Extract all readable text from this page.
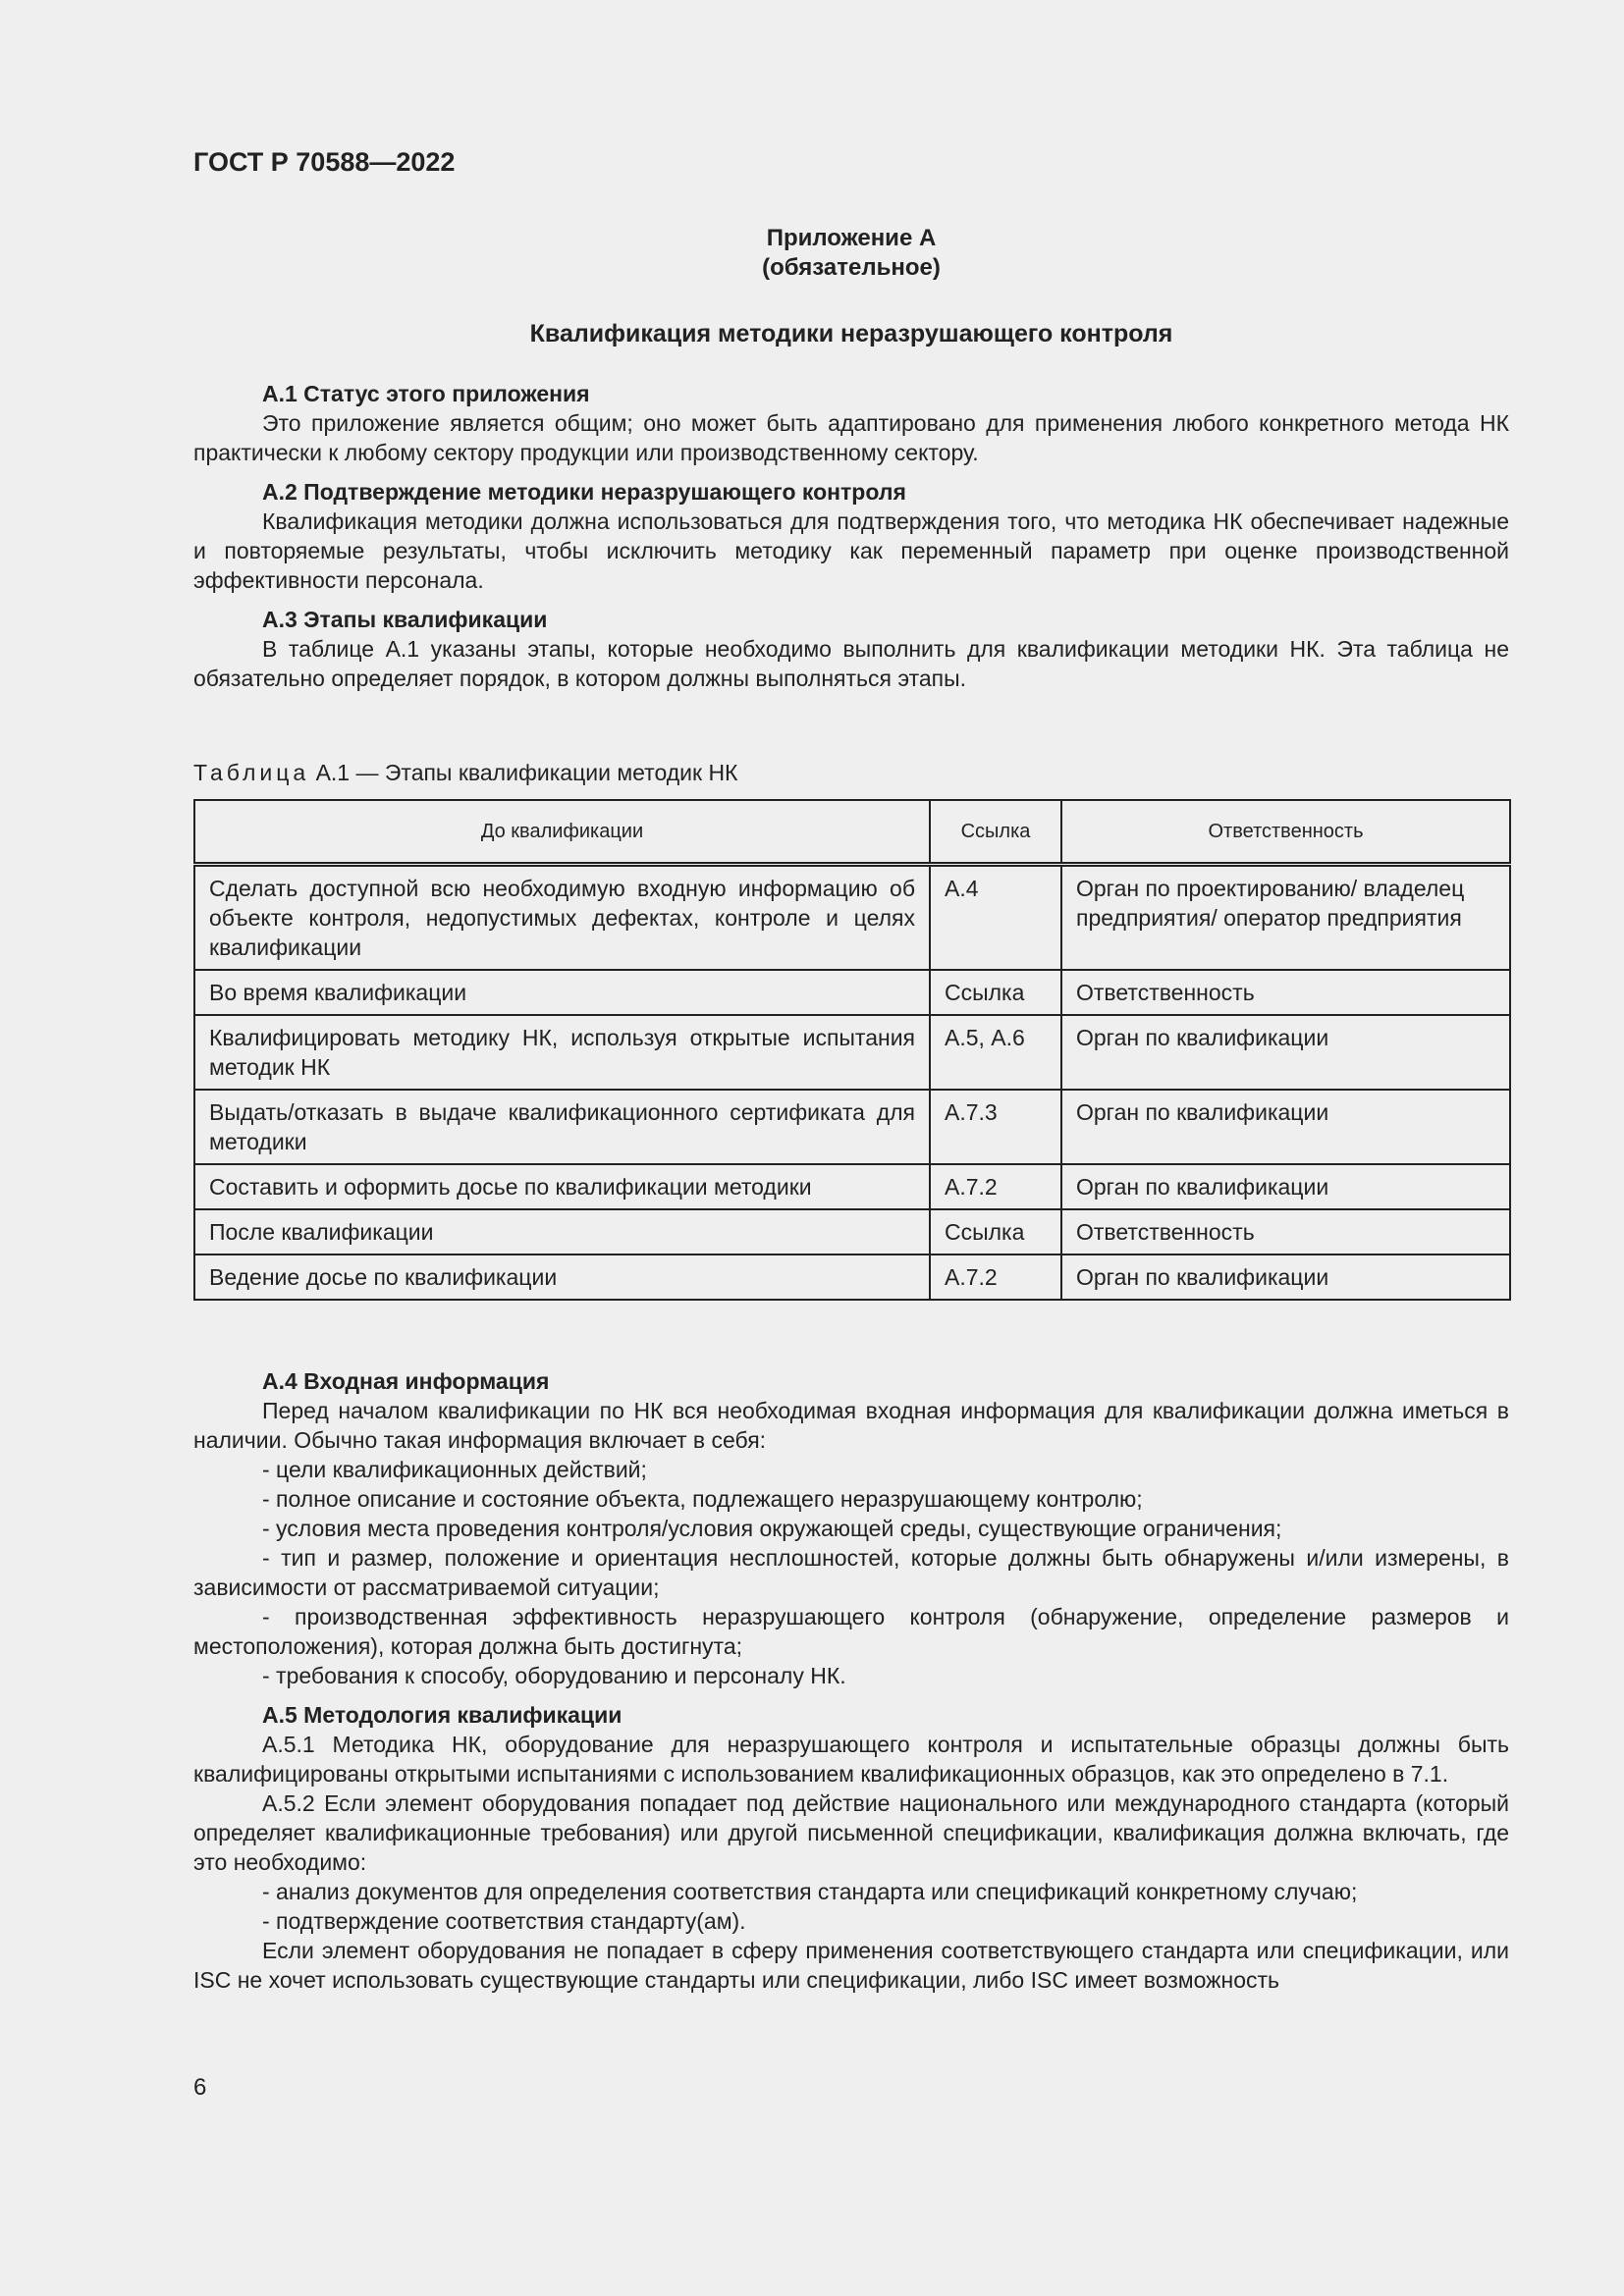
ГОСТ Р 70588—2022
Приложение А
(обязательное)
Квалификация методики неразрушающего контроля
А.1 Статус этого приложения

Это приложение является общим; оно может быть адаптировано для применения любого конкретного метода НК практически к любому сектору продукции или производственному сектору.

А.2 Подтверждение методики неразрушающего контроля

Квалификация методики должна использоваться для подтверждения того, что методика НК обеспечивает надежные и повторяемые результаты, чтобы исключить методику как переменный параметр при оценке производственной эффективности персонала.

А.3 Этапы квалификации

В таблице А.1 указаны этапы, которые необходимо выполнить для квалификации методики НК. Эта таблица не обязательно определяет порядок, в котором должны выполняться этапы.

Таблица А.1 — Этапы квалификации методик НК
До квалификации	Ссылка	Ответственность
Сделать доступной всю необходимую входную информацию об объекте контроля, недопустимых дефектах, контроле и целях квалификации	А.4	Орган по проектированию/ владелец предприятия/ оператор предприятия
Во время квалификации	Ссылка	Ответственность
Квалифицировать методику НК, используя открытые испытания методик НК	А.5, А.6	Орган по квалификации
Выдать/отказать в выдаче квалификационного сертификата для методики	А.7.3	Орган по квалификации
Составить и оформить досье по квалификации методики	А.7.2	Орган по квалификации
После квалификации	Ссылка	Ответственность
Ведение досье по квалификации	А.7.2	Орган по квалификации
А.4 Входная информация

Перед началом квалификации по НК вся необходимая входная информация для квалификации должна иметься в наличии. Обычно такая информация включает в себя:

- цели квалификационных действий;
- полное описание и состояние объекта, подлежащего неразрушающему контролю;
- условия места проведения контроля/условия окружающей среды, существующие ограничения;
- тип и размер, положение и ориентация несплошностей, которые должны быть обнаружены и/или измерены, в зависимости от рассматриваемой ситуации;
- производственная эффективность неразрушающего контроля (обнаружение, определение размеров и местоположения), которая должна быть достигнута;
- требования к способу, оборудованию и персоналу НК.
А.5 Методология квалификации

А.5.1 Методика НК, оборудование для неразрушающего контроля и испытательные образцы должны быть квалифицированы открытыми испытаниями с использованием квалификационных образцов, как это определено в 7.1.

А.5.2 Если элемент оборудования попадает под действие национального или международного стандарта (который определяет квалификационные требования) или другой письменной спецификации, квалификация должна включать, где это необходимо:

- анализ документов для определения соответствия стандарта или спецификаций конкретному случаю;
- подтверждение соответствия стандарту(ам).

Если элемент оборудования не попадает в сферу применения соответствующего стандарта или спецификации, или ISC не хочет использовать существующие стандарты или спецификации, либо ISC имеет возможность

6
